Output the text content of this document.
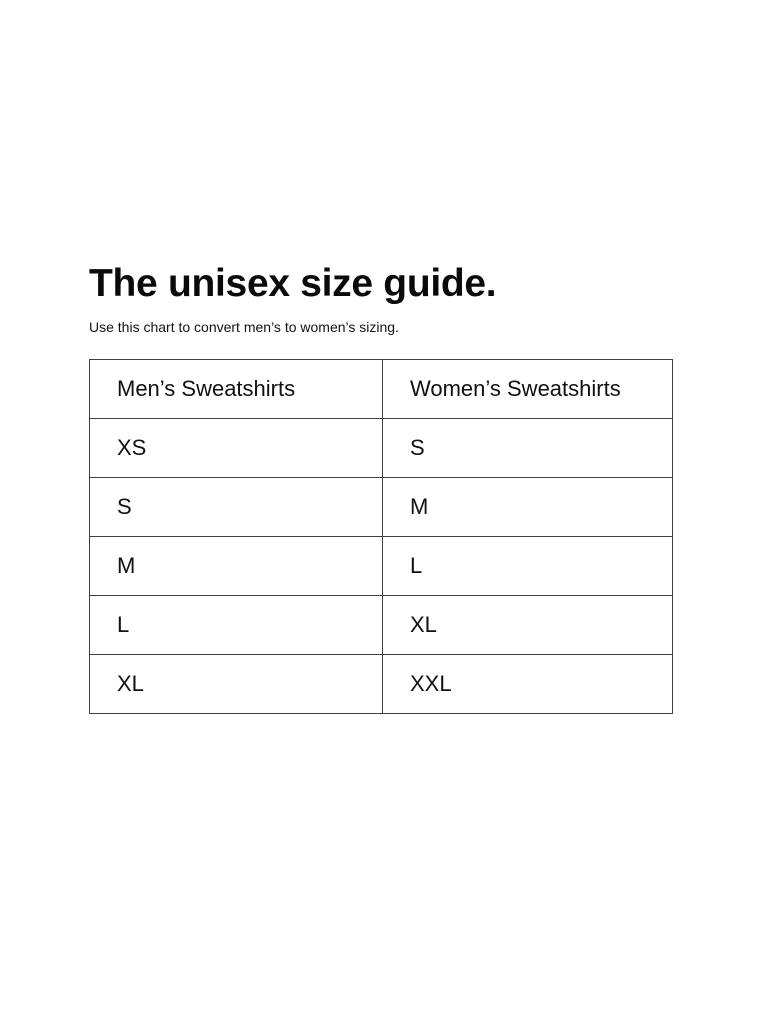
The unisex size guide.

Use this chart to convert men’s to women’s sizing.

Men’s Sweatshirts	Women’s Sweatshirts
XS	S
S	M
M	L
L	XL
XL	XXL
